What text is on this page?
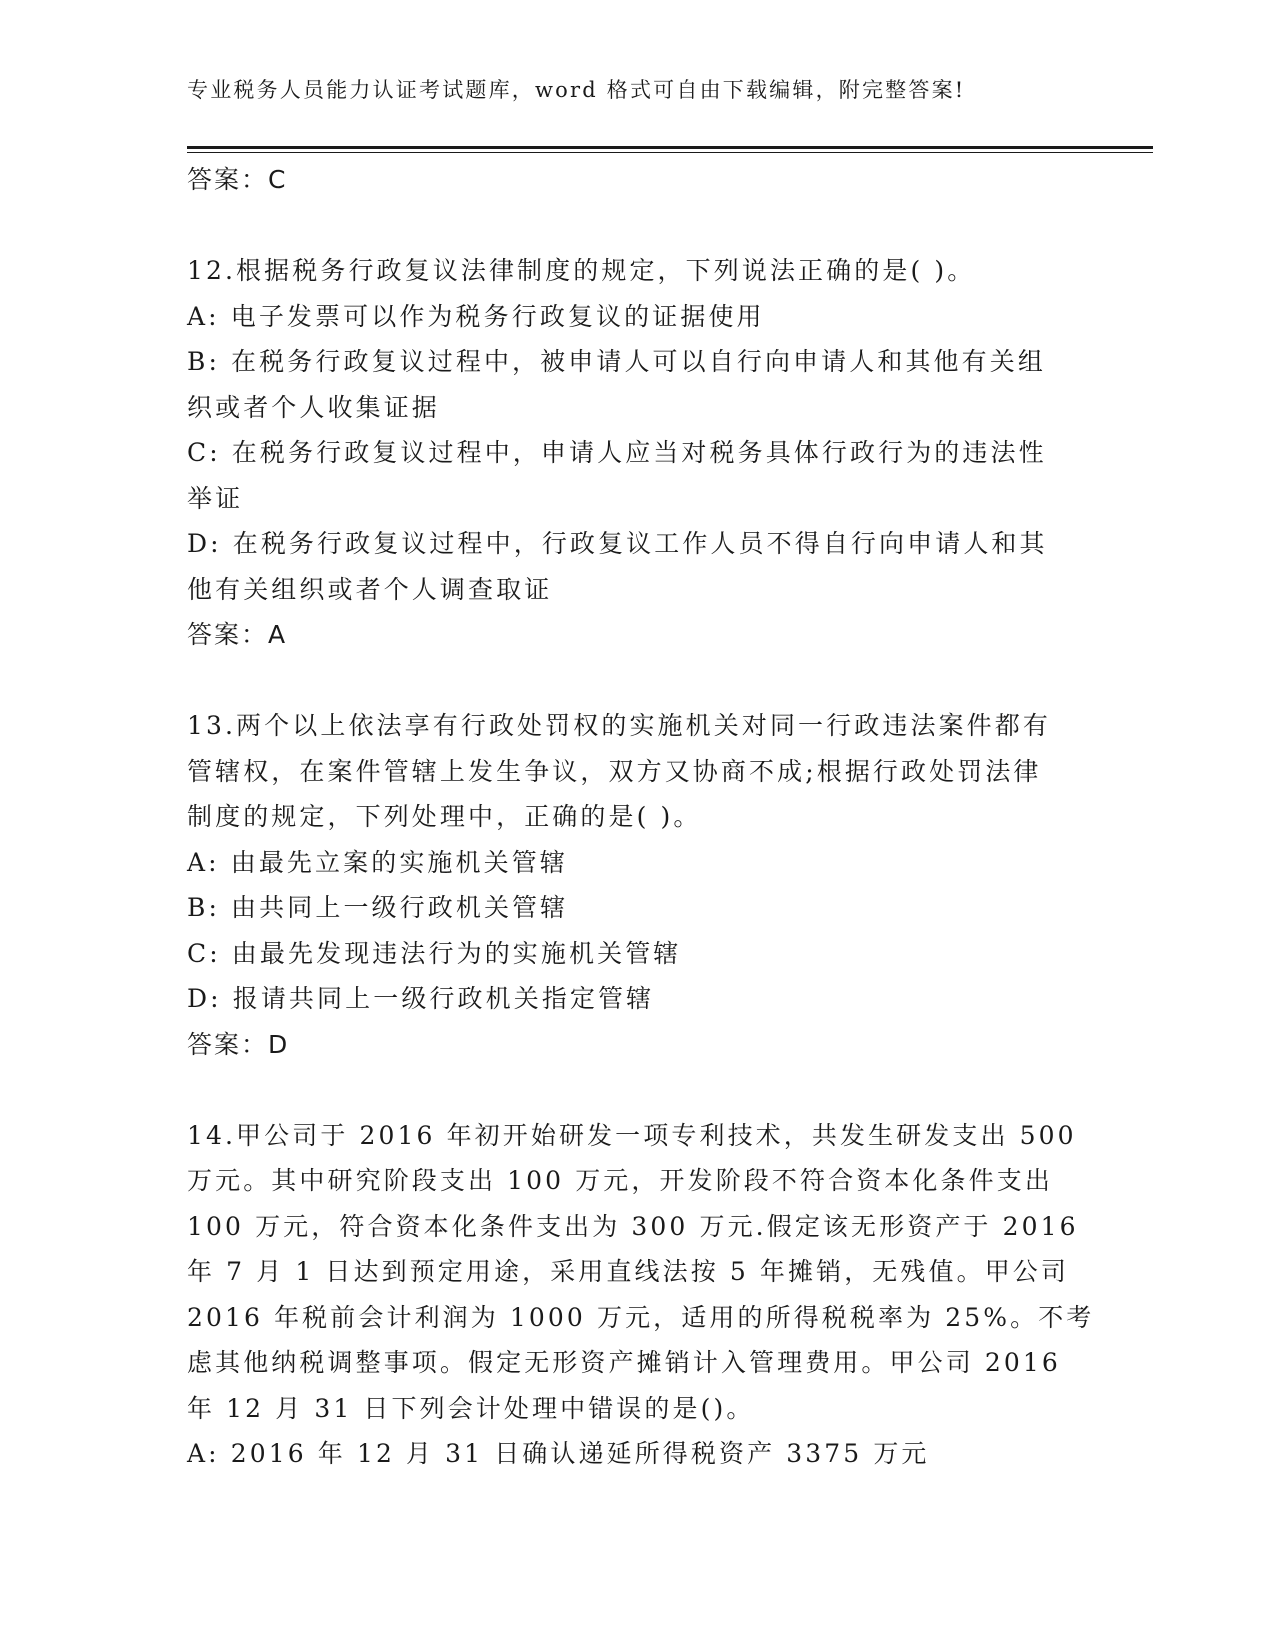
专业税务人员能力认证考试题库，word 格式可自由下载编辑，附完整答案!
答案：C
12.根据税务行政复议法律制度的规定，下列说法正确的是( )。
A: 电子发票可以作为税务行政复议的证据使用
B: 在税务行政复议过程中，被申请人可以自行向申请人和其他有关组
织或者个人收集证据
C: 在税务行政复议过程中，申请人应当对税务具体行政行为的违法性
举证
D: 在税务行政复议过程中，行政复议工作人员不得自行向申请人和其
他有关组织或者个人调查取证
答案：A
13.两个以上依法享有行政处罚权的实施机关对同一行政违法案件都有
管辖权，在案件管辖上发生争议，双方又协商不成;根据行政处罚法律
制度的规定，下列处理中，正确的是( )。
A: 由最先立案的实施机关管辖
B: 由共同上一级行政机关管辖
C: 由最先发现违法行为的实施机关管辖
D: 报请共同上一级行政机关指定管辖
答案：D
14.甲公司于 2016 年初开始研发一项专利技术，共发生研发支出 500
万元。其中研究阶段支出 100 万元，开发阶段不符合资本化条件支出
100 万元，符合资本化条件支出为 300 万元.假定该无形资产于 2016
年 7 月 1 日达到预定用途，采用直线法按 5 年摊销，无残值。甲公司
2016 年税前会计利润为 1000 万元，适用的所得税税率为 25%。不考
虑其他纳税调整事项。假定无形资产摊销计入管理费用。甲公司 2016
年 12 月 31 日下列会计处理中错误的是()。
A: 2016 年 12 月 31 日确认递延所得税资产 3375 万元
